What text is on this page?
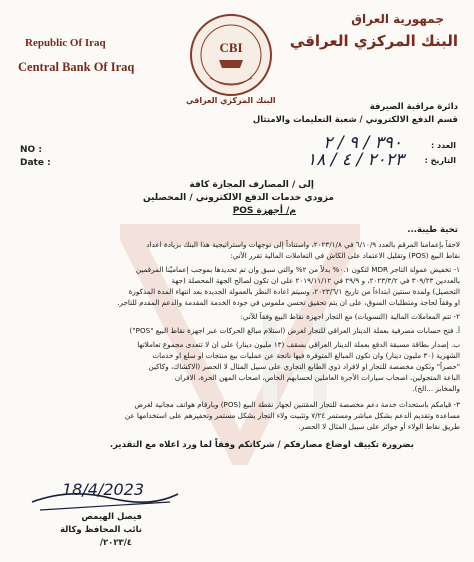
Republic Of Iraq
Central Bank Of Iraq
CBI
البنك المركزي العراقي
جمهورية العراق
البنك المركزي العراقي
دائرة مراقبة الصيرفة
قسم الدفع الالكتروني / شعبة التعليمات والامتثال
NO :
Date :
العدد :
٣٩٠ / ٩ / ٢
التاريخ :
٢٠٢٣ / ٤ / ١٨
إلى / المصارف المجازة كافة
مزودي خدمات الدفع الالكتروني / المحصلين
م/ أجهزة POS
تحية طيبة...
لاحقاً بإعمامنا المرقم بالعدد ٦/١٠/٩ في ٢٠٢٣/١/٨، واستناداً إلى توجهات واستراتيجية هذا البنك بزيادة اعداد
نقاط البيع (POS) وتقليل الاعتماد على الكاش في التعاملات المالية تقرر الآتي:
١- تخفيض عمولة التاجر MDR لتكون ٠.١% بدلاً من ٢% والتي سبق وان تم تحديدها بموجب إعماميّنا المرقمين
بالعددين ٣٠٩/٢٣ في ٢٠٢٣/٣/٢، و ٢٩/٩ في ٢٠١٩/١١/١٢ على ان تكون لصالح الجهة المحصلة (جهة
التحصيل) ولمدة سنتين ابتداءاً من تاريخ ٢٠٢٣/٦/١، وسيتم اعادة النظر بالعمولة الجديدة بعد انتهاء المدة المذكورة
او وفقاً لحاجة ومتطلبات السوق، على ان يتم تحقيق تحسن ملموس في جودة الخدمة المقدمة والدعم المقدم للتاجر.
٢- تتم المعاملات المالية (التسويات) مع التجار اجهزة نقاط البيع وفقاً للآتي:
أ. فتح حسابات مصرفية بعملة الدينار العراقي للتجار لغرض (استلام مبالغ الحركات عبر اجهزة نقاط البيع "POS")
ب. إصدار بطاقة مسبقة الدفع بعملة الدينار العراقي بسقف (١٣ مليون دينار) على ان لا تتعدى مجموع تعاملاتها
الشهرية (٣٠ مليون دينار) وان تكون المبالغ المتوفرة فيها ناتجة عن عمليات بيع منتجات او سلع او خدمات
"حصراً" وتكون مخصصة للتجار او لافراد ذوي الطابع التجاري على سبيل المثال لا الحصر (الاكشاك، وكاكين
الباعة المتجولين، اصحاب سيارات الأجرة العاملين لحسابهم الخاص، اصحاب المهن الحرة، الافران
والمخابز ...الخ).
٣- قيامكم باستحداث خدمة دعم مخصصة للتجار المقتنين لجهاز نقطة البيع (POS) وبارقام هواتف مجانية لغرض
مساعدة وتقديم الدعم بشكل مباشر ومستمر ٧/٢٤ وتثبيت ولاء التجار بشكل مستمر وتحفيزهم على استخدامها عن
طريق نقاط الولاء أو جوائز على سبيل المثال لا الحصر.
بضرورة تكييف اوضاع مصارفكم / شركاتكم وفقاً لما ورد اعلاه مع التقدير.
18/4/2023
فيصل الهيمص
نائب المحافظ وكالة
٢٠٢٣/٤/
